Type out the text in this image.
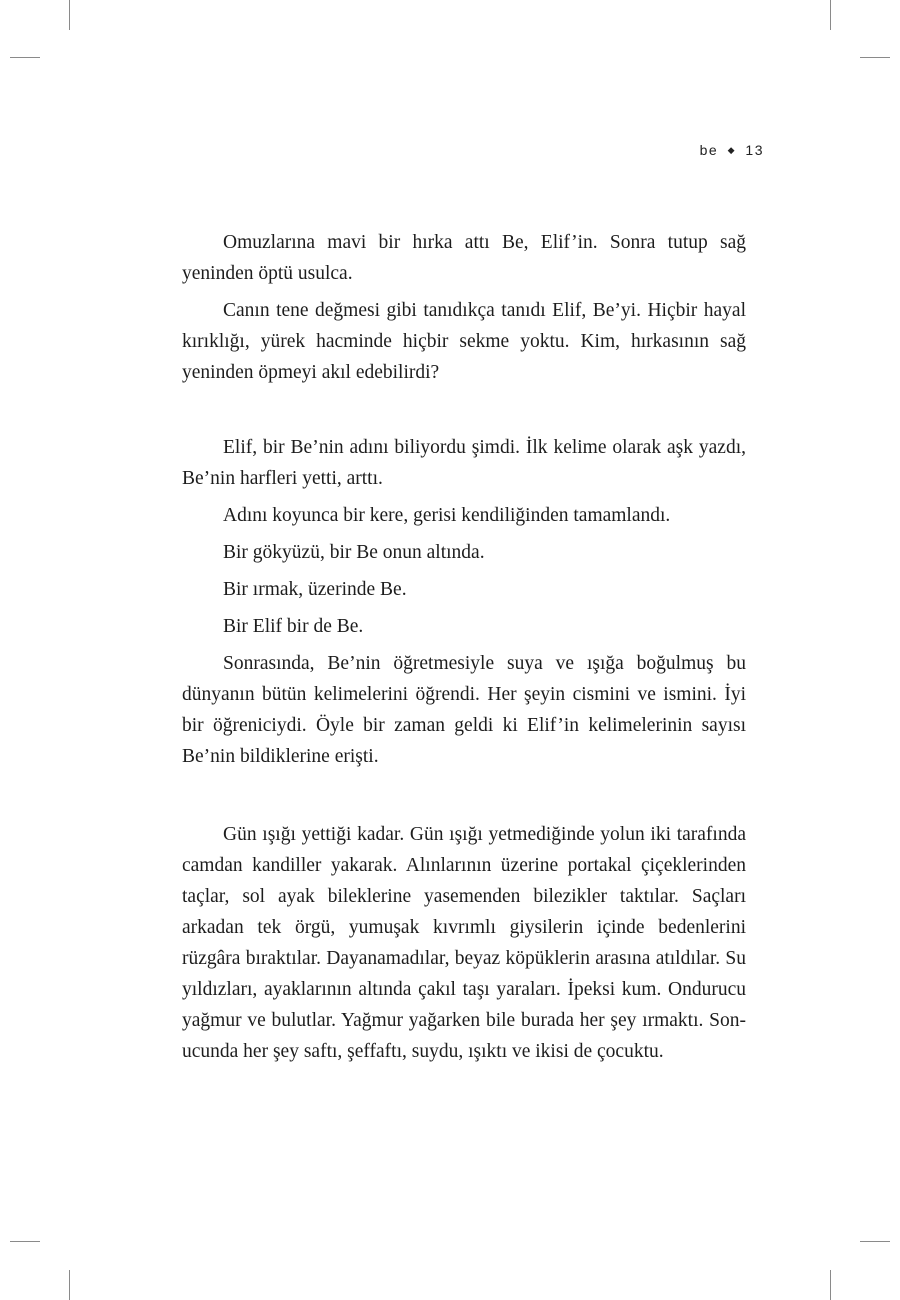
be ◆ 13

Omuzlarına mavi bir hırka attı Be, Elif’in. Sonra tutup sağ yeninden öptü usulca.

Canın tene değmesi gibi tanıdıkça tanıdı Elif, Be’yi. Hiçbir hayal kırıklığı, yürek hacminde hiçbir sekme yoktu. Kim, hırkasının sağ yeninden öpmeyi akıl edebilirdi?

Elif, bir Be’nin adını biliyordu şimdi. İlk kelime olarak aşk yazdı, Be’nin harfleri yetti, arttı.

Adını koyunca bir kere, gerisi kendiliğinden tamamlandı.

Bir gökyüzü, bir Be onun altında.

Bir ırmak, üzerinde Be.

Bir Elif bir de Be.

Sonrasında, Be’nin öğretmesiyle suya ve ışığa boğulmuş bu dünyanın bütün kelimelerini öğrendi. Her şeyin cismini ve ismini. İyi bir öğreniciydi. Öyle bir zaman geldi ki Elif’in kelimelerinin sayısı Be’nin bildiklerine erişti.

Gün ışığı yettiği kadar. Gün ışığı yetmediğinde yolun iki tarafında camdan kandiller yakarak. Alınlarının üzerine portakal çiçeklerinden taçlar, sol ayak bileklerine yasemenden bilezikler taktılar. Saçları arkadan tek örgü, yumuşak kıvrımlı giysilerin içinde bedenlerini rüzgâra bıraktılar. Dayanamadılar, beyaz köpüklerin arasına atıldılar. Su yıldızları, ayaklarının altında çakıl taşı yaraları. İpeksi kum. Ondurucu yağmur ve bulutlar. Yağmur yağarken bile burada her şey ırmaktı. Son-ucunda her şey saftı, şeffaftı, suydu, ışıktı ve ikisi de çocuktu.
